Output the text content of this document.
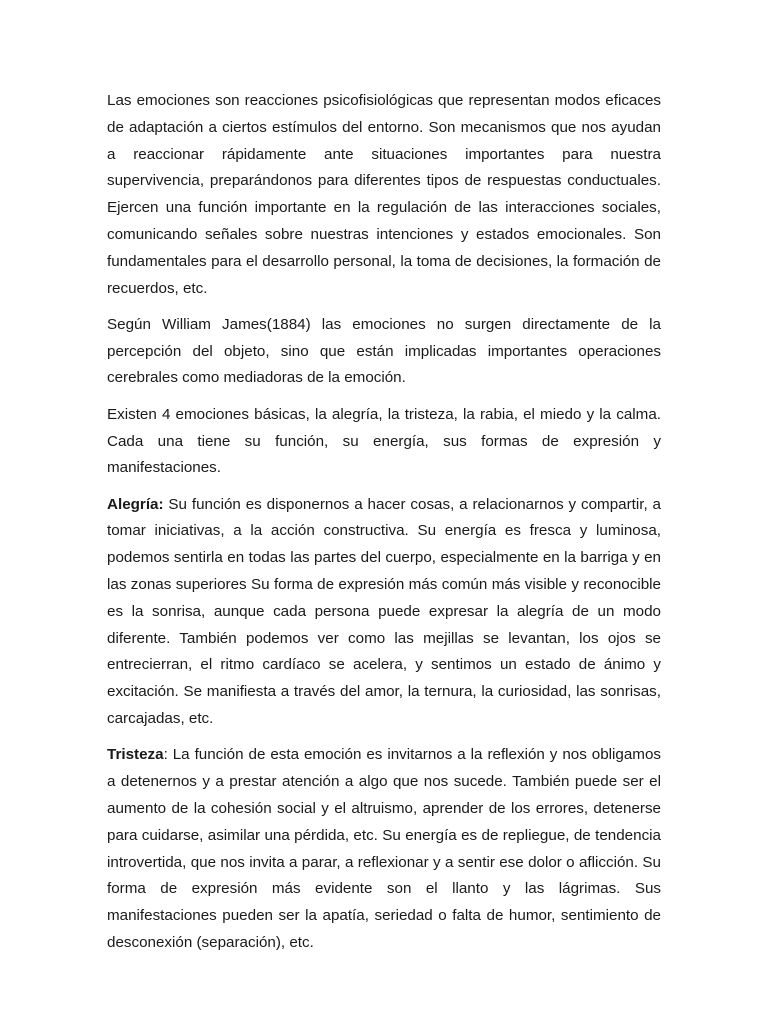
Las emociones son reacciones psicofisiológicas que representan modos eficaces de adaptación a ciertos estímulos del entorno. Son mecanismos que nos ayudan a reaccionar rápidamente ante situaciones importantes para nuestra supervivencia, preparándonos para diferentes tipos de respuestas conductuales. Ejercen una función importante en la regulación de las interacciones sociales, comunicando señales sobre nuestras intenciones y estados emocionales. Son fundamentales para el desarrollo personal, la toma de decisiones, la formación de recuerdos, etc.

Según William James(1884) las emociones no surgen directamente de la percepción del objeto, sino que están implicadas importantes operaciones cerebrales como mediadoras de la emoción.

Existen 4 emociones básicas, la alegría, la tristeza, la rabia, el miedo y la calma. Cada una tiene su función, su energía, sus formas de expresión y manifestaciones.

Alegría: Su función es disponernos a hacer cosas, a relacionarnos y compartir, a tomar iniciativas, a la acción constructiva. Su energía es fresca y luminosa, podemos sentirla en todas las partes del cuerpo, especialmente en la barriga y en las zonas superiores Su forma de expresión más común más visible y reconocible es la sonrisa, aunque cada persona puede expresar la alegría de un modo diferente. También podemos ver como las mejillas se levantan, los ojos se entrecierran, el ritmo cardíaco se acelera, y sentimos un estado de ánimo y excitación. Se manifiesta a través del amor, la ternura, la curiosidad, las sonrisas, carcajadas, etc.

Tristeza: La función de esta emoción es invitarnos a la reflexión y nos obligamos a detenernos y a prestar atención a algo que nos sucede. También puede ser el aumento de la cohesión social y el altruismo, aprender de los errores, detenerse para cuidarse, asimilar una pérdida, etc. Su energía es de repliegue, de tendencia introvertida, que nos invita a parar, a reflexionar y a sentir ese dolor o aflicción. Su forma de expresión más evidente son el llanto y las lágrimas. Sus manifestaciones pueden ser la apatía, seriedad o falta de humor, sentimiento de desconexión (separación), etc.
